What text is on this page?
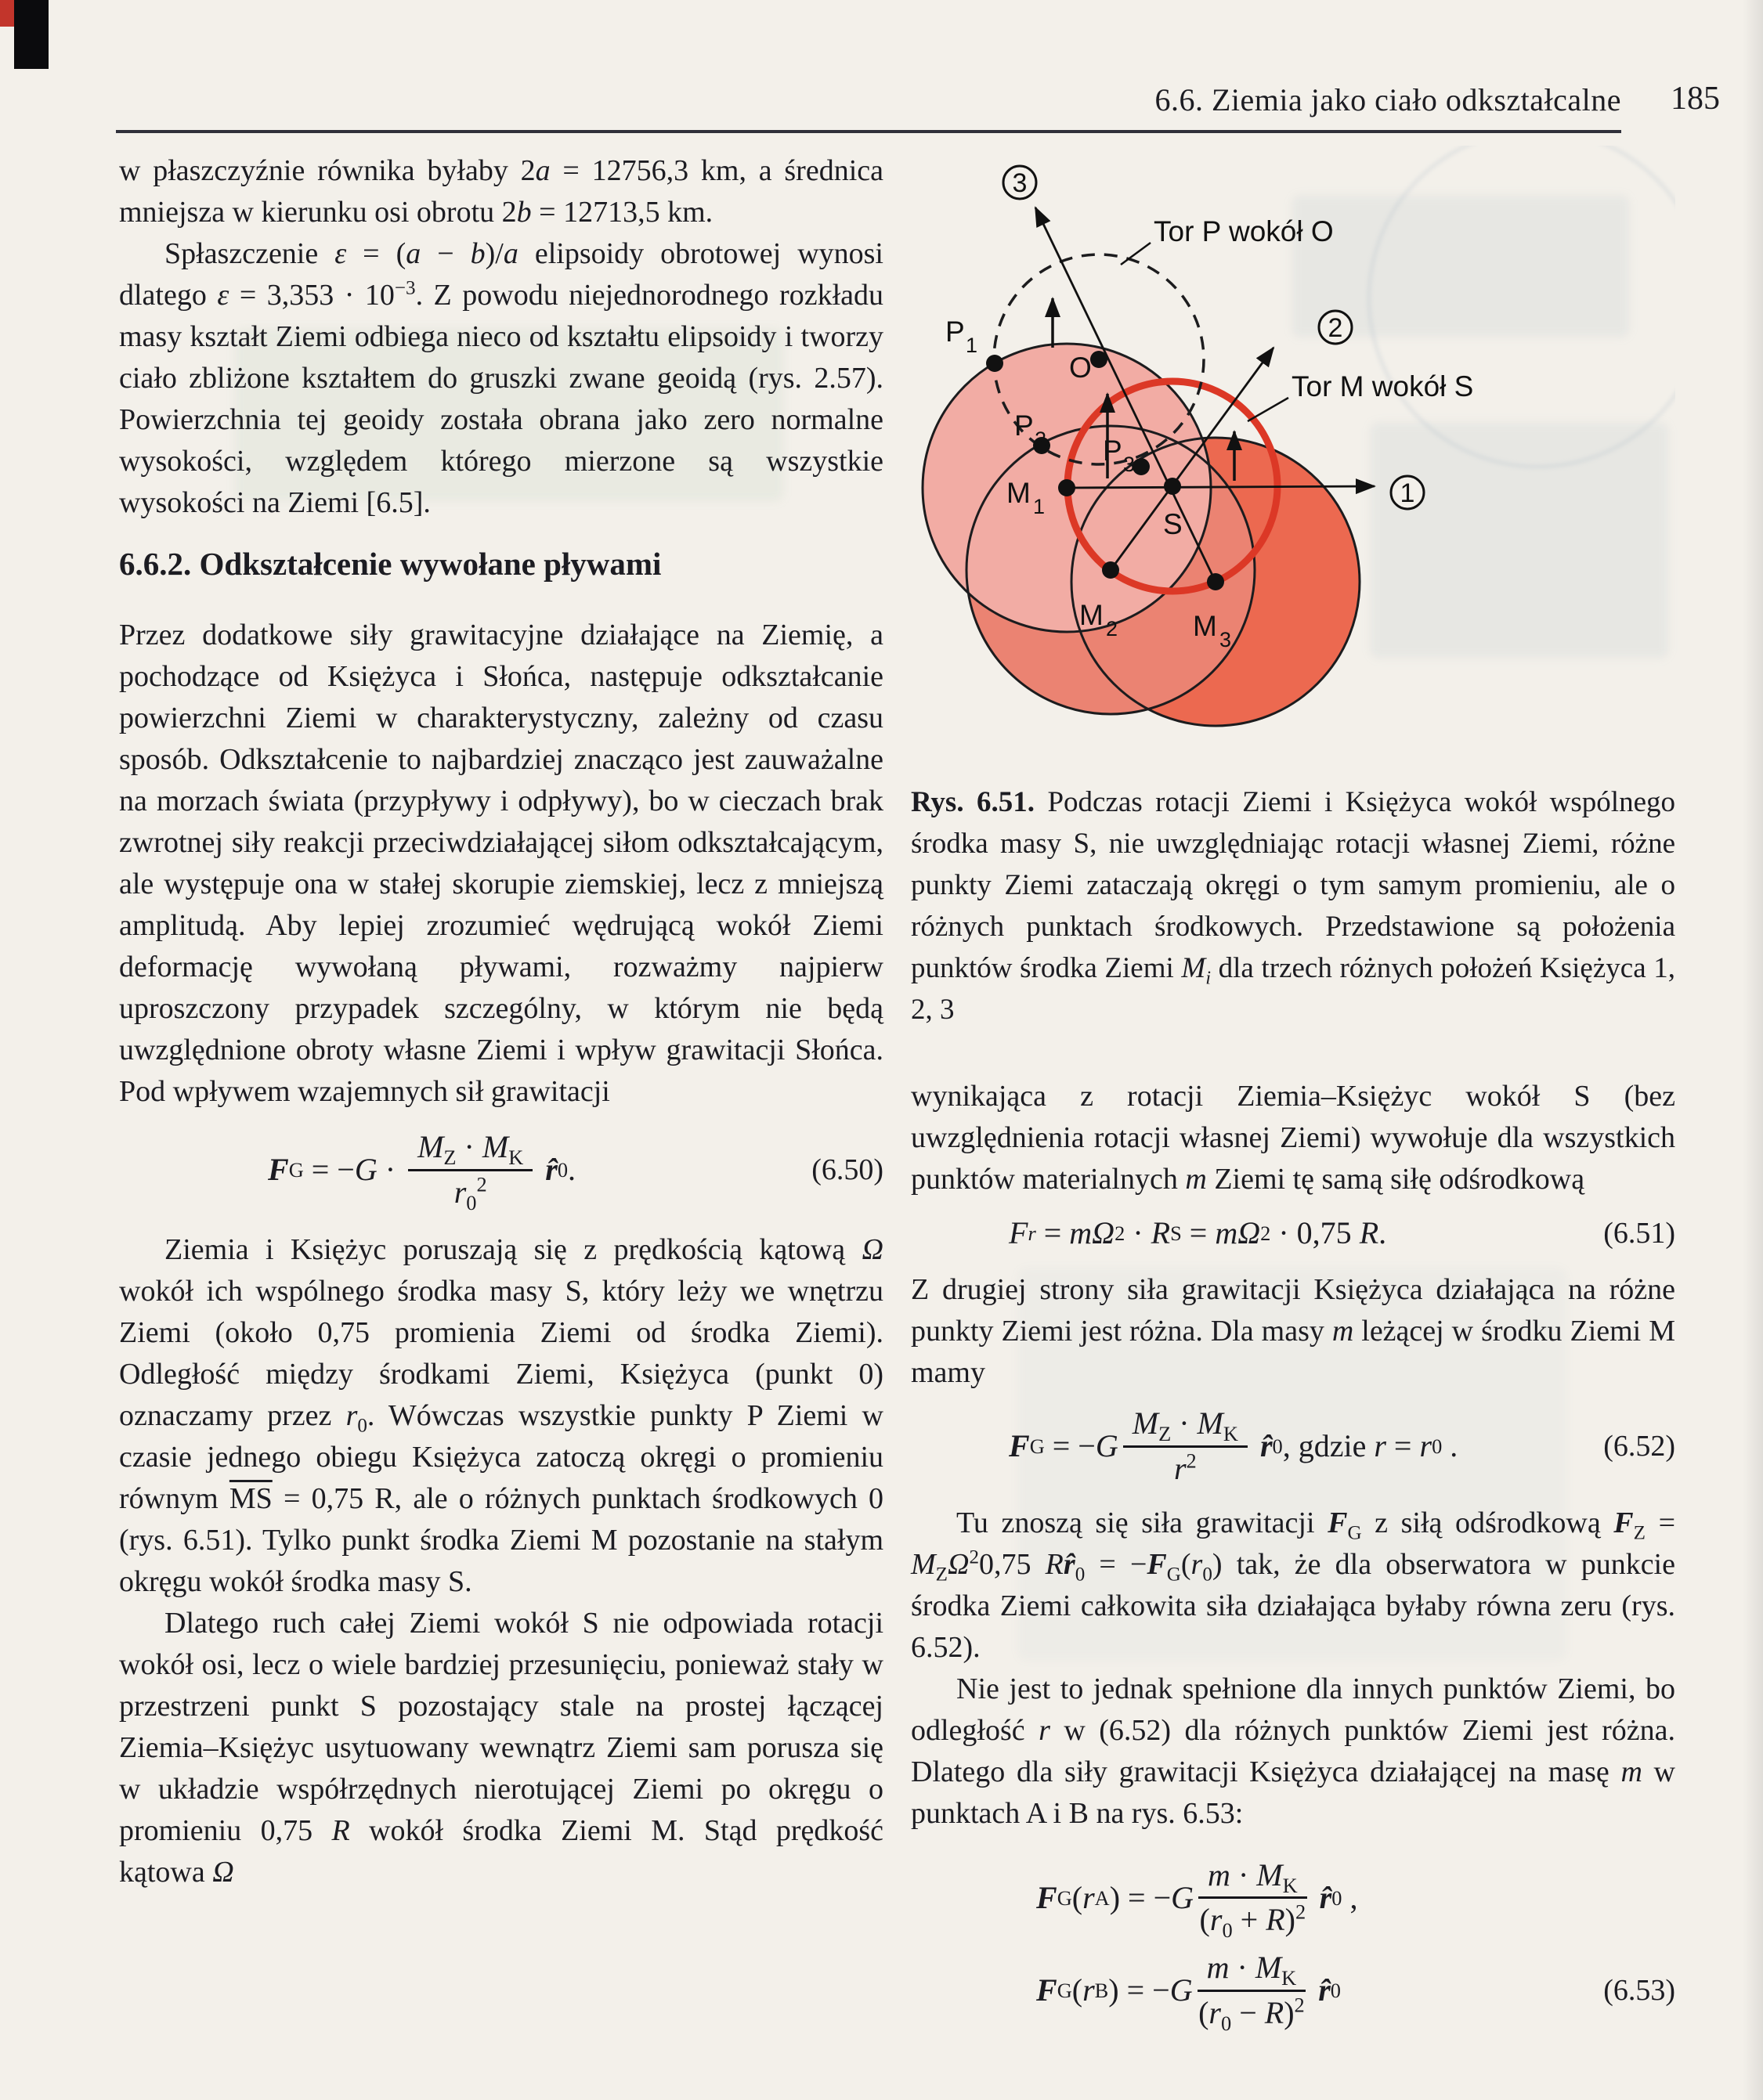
6.6. Ziemia jako ciało odkształcalne	185

w płaszczyźnie równika byłaby 2a = 12756,3 km, a średnica mniejsza w kierunku osi obrotu 2b = 12713,5 km.

Spłaszczenie ε = (a − b)/a elipsoidy obrotowej wynosi dlatego $\varepsilon = 3,353 \cdot 10^{-3}$. Z powodu niejednorodnego rozkładu masy kształt Ziemi odbiega nieco od kształtu elipsoidy i tworzy ciało zbliżone kształtem do gruszki zwane geoidą (rys. 2.57). Powierzchnia tej geoidy została obrana jako zero normalne wysokości, względem którego mierzone są wszystkie wysokości na Ziemi [6.5].

6.6.2. Odkształcenie wywołane pływami

Przez dodatkowe siły grawitacyjne działające na Ziemię, a pochodzące od Księżyca i Słońca, następuje odkształcanie powierzchni Ziemi w charakterystyczny, zależny od czasu sposób. Odkształcenie to najbardziej znacząco jest zauważalne na morzach świata (przypływy i odpływy), bo w cieczach brak zwrotnej siły reakcji przeciwdziałającej siłom odkształcającym, ale występuje ona w stałej skorupie ziemskiej, lecz z mniejszą amplitudą. Aby lepiej zrozumieć wędrującą wokół Ziemi deformację wywołaną pływami, rozważmy najpierw uproszczony przypadek szczególny, w którym nie będą uwzględnione obroty własne Ziemi i wpływ grawitacji Słońca. Pod wpływem wzajemnych sił grawitacji

F G = − $G \cdot \frac{M_Z \cdot M_K}{r_0^2}$
r̂ 0 .	(6.50)

Ziemia i Księżyc poruszają się z prędkością kątową Ω wokół ich wspólnego środka masy S, który leży we wnętrzu Ziemi (około 0,75 promienia Ziemi od środka Ziemi). Odległość między środkami Ziemi, Księżyca (punkt 0) oznaczamy przez $r_0$. Wówczas wszystkie punkty P Ziemi w czasie jednego obiegu Księżyca zatoczą okręgi o promieniu równym $\overline{MS} = 0,75$ R, ale o różnych punktach środkowych 0 (rys. 6.51). Tylko punkt środka Ziemi M pozostanie na stałym okręgu wokół środka masy S.

Dlatego ruch całej Ziemi wokół S nie odpowiada rotacji wokół osi, lecz o wiele bardziej przesunięciu, ponieważ stały w przestrzeni punkt S pozostający stale na prostej łączącej Ziemia–Księżyc usytuowany wewnątrz Ziemi sam porusza się w układzie współrzędnych nierotującej Ziemi po okręgu o promieniu 0,75 R wokół środka Ziemi M. Stąd prędkość kątowa Ω

P 1
O
P 2 P 3
M 1
S
M 2	M 3
Tor P wokół O
Tor M wokół S
3
2
1

Rys. 6.51. Podczas rotacji Ziemi i Księżyca wokół wspólnego środka masy S, nie uwzględniając rotacji własnej Ziemi, różne punkty Ziemi zataczają okręgi o tym samym promieniu, ale o różnych punktach środkowych. Przedstawione są położenia punktów środka Ziemi $M_i$ dla trzech różnych położeń Księżyca 1, 2, 3

wynikająca z rotacji Ziemia–Księżyc wokół S (bez uwzględnienia rotacji własnej Ziemi) wywołuje dla wszystkich punktów materialnych m Ziemi tę samą siłę odśrodkową

F r = m Ω 2 · R S = m Ω 2 · 0,75 R .	(6.51)

Z drugiej strony siła grawitacji Księżyca działająca na różne punkty Ziemi jest różna. Dla masy m leżącej w środku Ziemi M mamy

F G = − G $\frac{M_Z \cdot M_K}{r^2}$
r̂ 0 , gdzie r = r 0 .	(6.52)

Tu znoszą się siła grawitacji $F_G$ z siłą odśrodkową $F_Z = M_Z\Omega^20,75$ $Rr̂_0 = -F_G(r_0)$ tak, że dla obserwatora w punkcie środka Ziemi całkowita siła działająca byłaby równa zeru (rys. 6.52).

Nie jest to jednak spełnione dla innych punktów Ziemi, bo odległość r w (6.52) dla różnych punktów Ziemi jest różna. Dlatego dla siły grawitacji Księżyca działającej na masę m w punktach A i B na rys. 6.53:

F G ( r A ) = − G $\frac{m \cdot M_K}{(r_0 + R)^2}$
r̂ 0 ,
F G ( r B ) = − G $\frac{m \cdot M_K}{(r_0 - R)^2}$
r̂ 0	(6.53)
